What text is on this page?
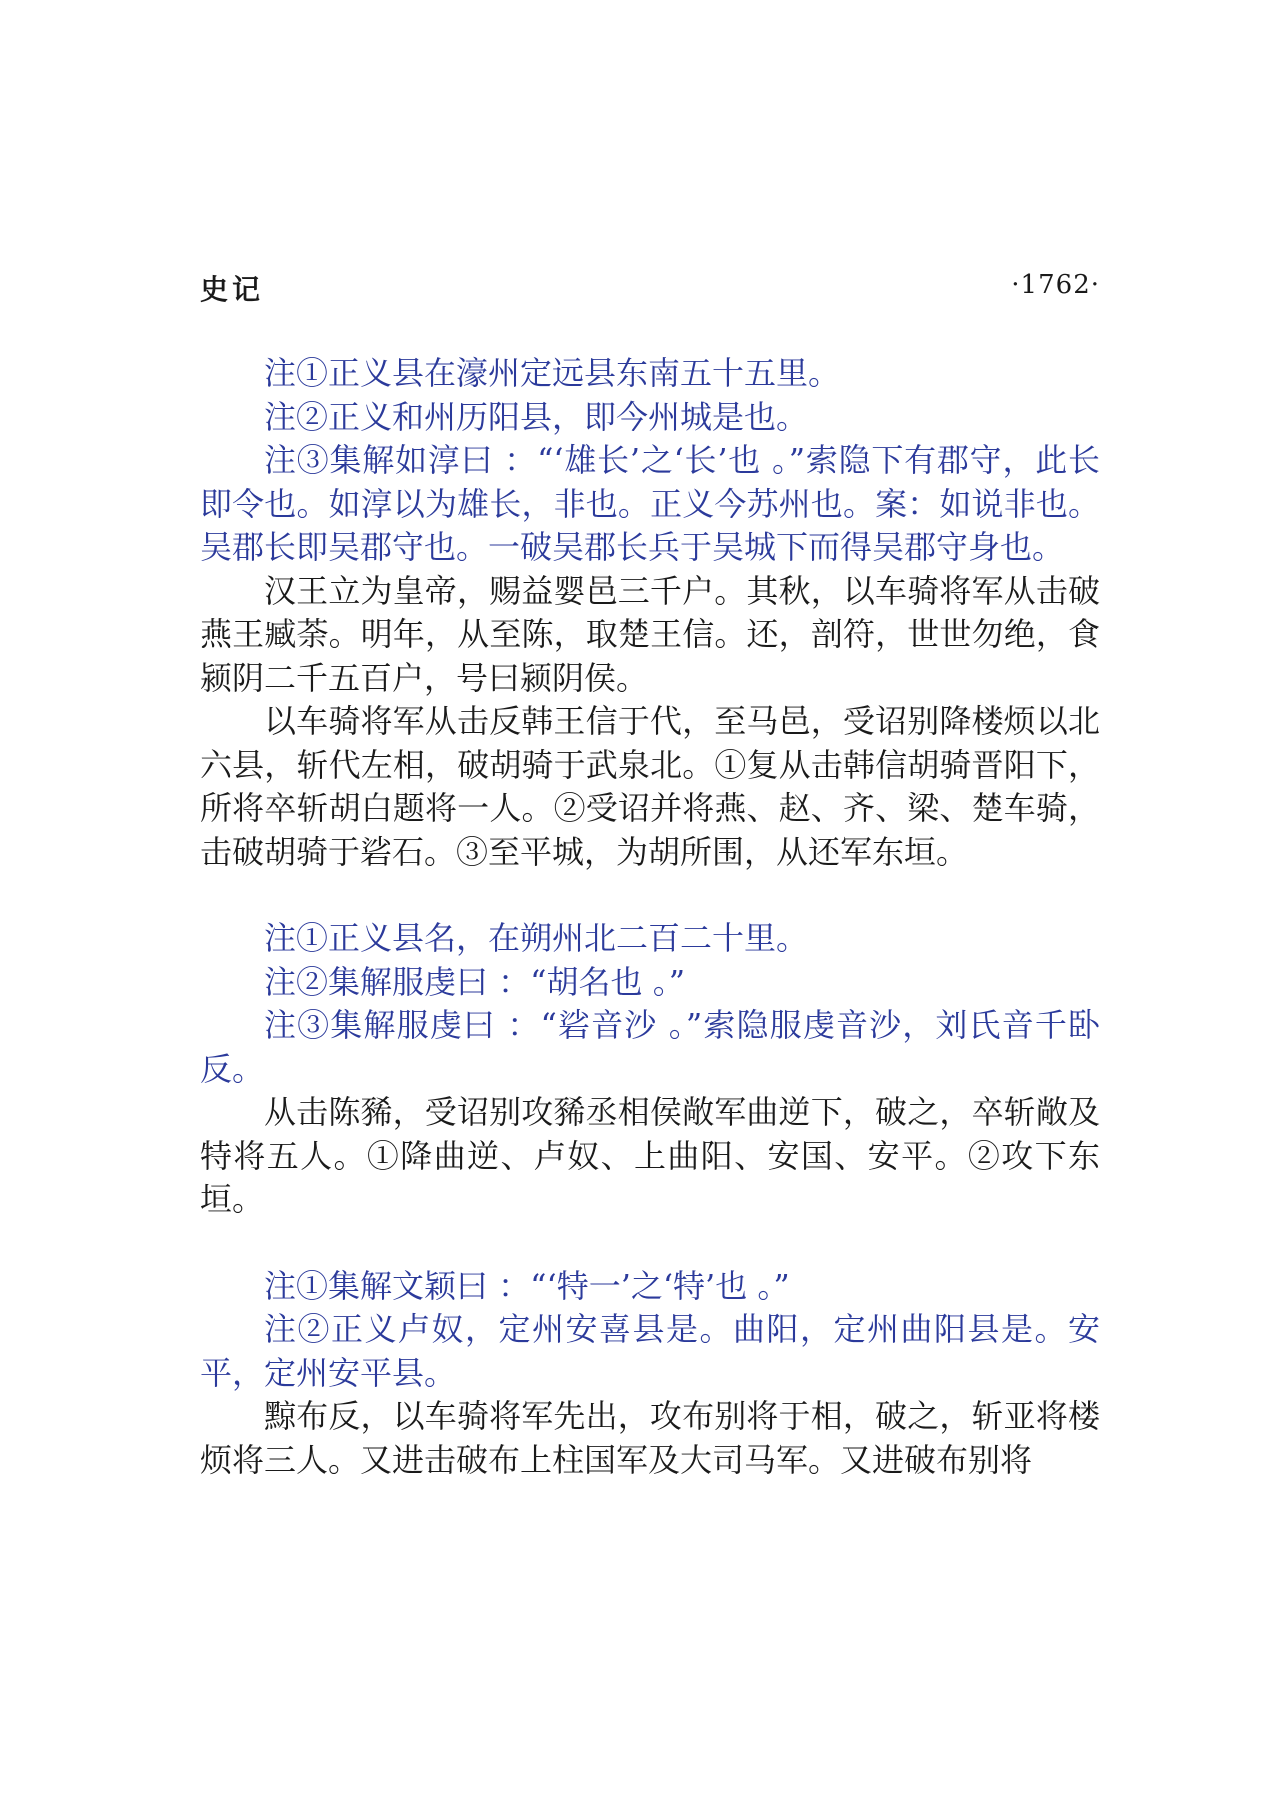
史记	·1762·

注①正义县在濠州定远县东南五十五里。

注②正义和州历阳县，即今州城是也。

注③集解如淳曰 ：“‘雄长’之‘长’也 。”索隐下有郡守，此长即令也。如淳以为雄长，非也。正义今苏州也。案：如说非也。吴郡长即吴郡守也。一破吴郡长兵于吴城下而得吴郡守身也。

汉王立为皇帝，赐益婴邑三千户。其秋，以车骑将军从击破燕王臧荼。明年，从至陈，取楚王信。还，剖符，世世勿绝，食颍阴二千五百户，号曰颍阴侯。

以车骑将军从击反韩王信于代，至马邑，受诏别降楼烦以北六县，斩代左相，破胡骑于武泉北。①复从击韩信胡骑晋阳下，所将卒斩胡白题将一人。②受诏并将燕、赵、齐、梁、楚车骑，击破胡骑于硰石。③至平城，为胡所围，从还军东垣。

注①正义县名，在朔州北二百二十里。

注②集解服虔曰 ：“胡名也 。”

注③集解服虔曰 ：“硰音沙 。”索隐服虔音沙，刘氏音千卧反。

从击陈豨，受诏别攻豨丞相侯敞军曲逆下，破之，卒斩敞及特将五人。①降曲逆、卢奴、上曲阳、安国、安平。②攻下东垣。

注①集解文颖曰 ：“‘特一’之‘特’也 。”

注②正义卢奴，定州安喜县是。曲阳，定州曲阳县是。安平，定州安平县。

黥布反，以车骑将军先出，攻布别将于相，破之，斩亚将楼烦将三人。又进击破布上柱国军及大司马军。又进破布别将
